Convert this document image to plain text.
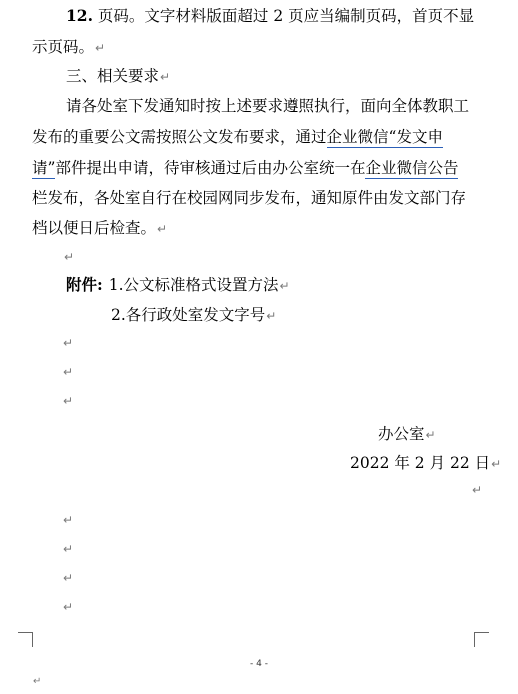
12. 页码。文字材料版面超过 2 页应当编制页码，首页不显
示页码。↵
三、相关要求↵
请各处室下发通知时按上述要求遵照执行，面向全体教职工
发布的重要公文需按照公文发布要求，通过企业微信“发文申
请”部件提出申请，待审核通过后由办公室统一在企业微信公告
栏发布，各处室自行在校园网同步发布，通知原件由发文部门存
档以便日后检查。↵
↵
附件: 1.公文标准格式设置方法↵
2.各行政处室发文字号↵
↵
↵
↵
办公室↵
2022 年 2 月 22 日↵
↵
↵
↵
↵
↵
- 4 -
↵
